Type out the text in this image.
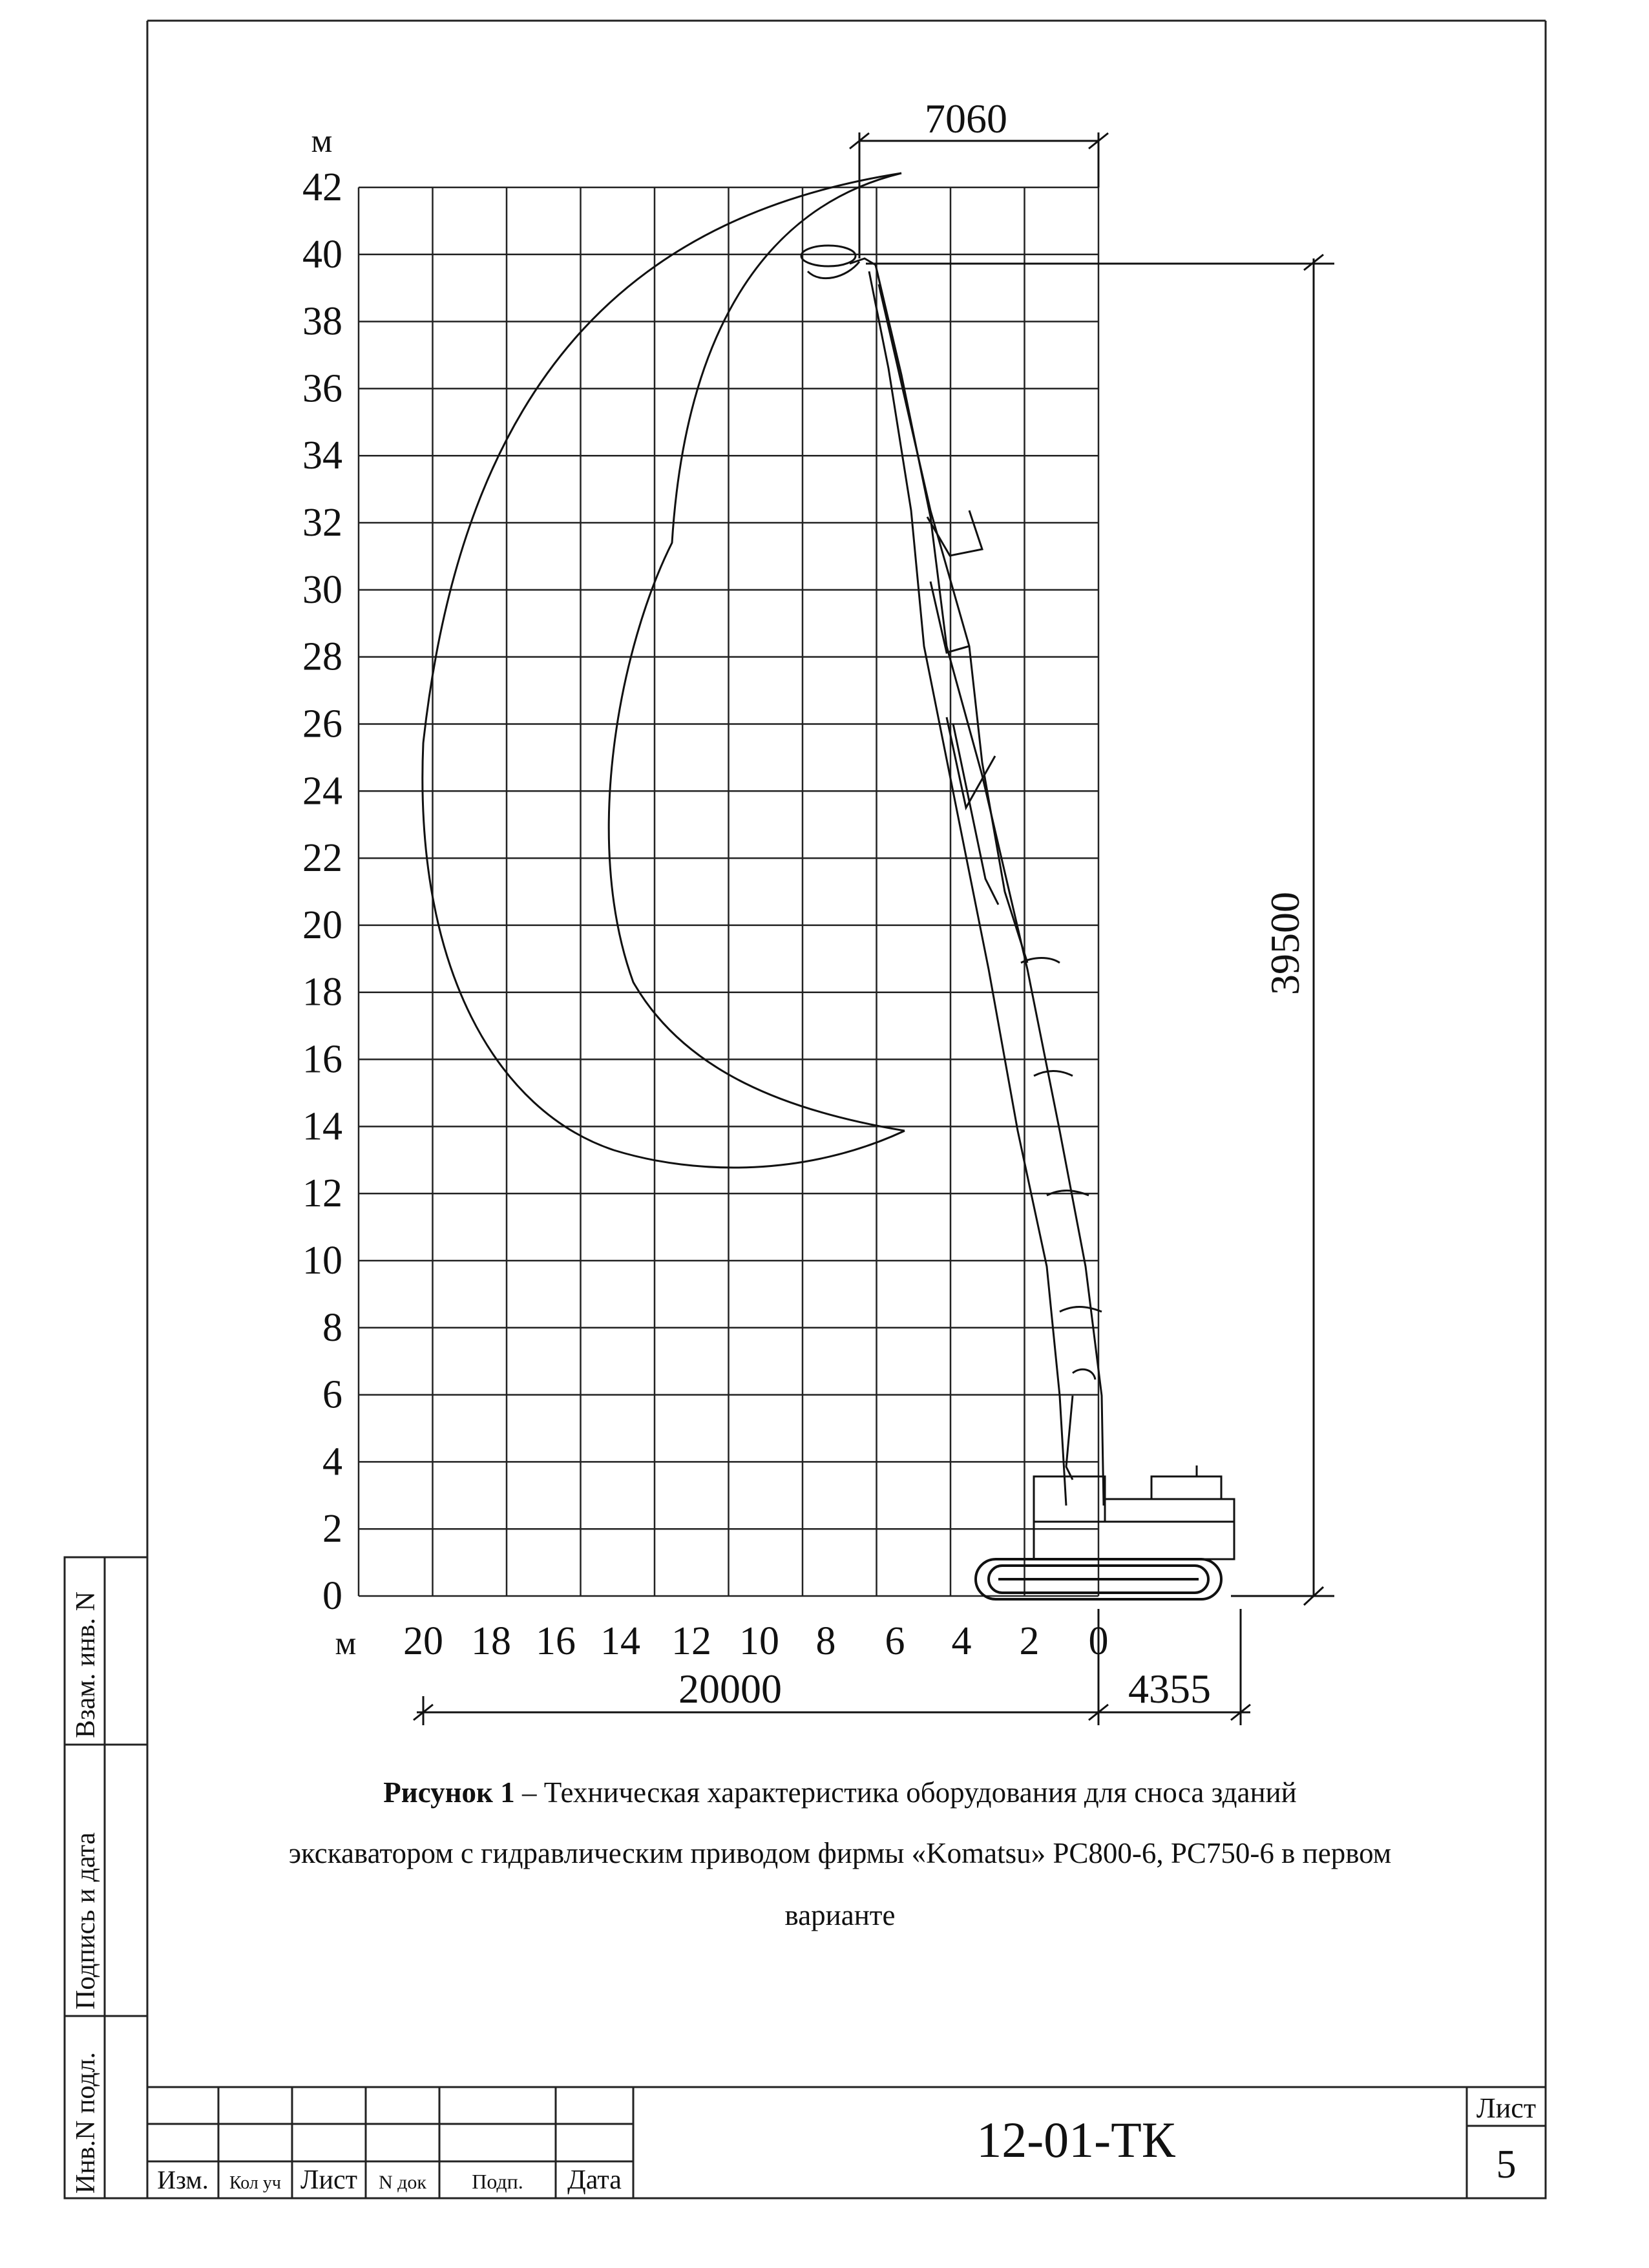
Взам. инв. N
Подпись и дата
Инв.N подл.
0
2
4
6
8
10
12
14
16
18
20
22
24
26
28
30
32
34
36
38
40
42
20 18 16 14 12 10 8 6 4 2 0
м
м
7060
39500
20000	4355
Изм. Кол уч Лист N док Подп. Дата
12-01-ТК
Лист
5
Рисунок 1 – Техническая характеристика оборудования для сноса зданий
экскаватором с гидравлическим приводом фирмы «Komatsu» PC800-6, PC750-6 в первом
варианте
